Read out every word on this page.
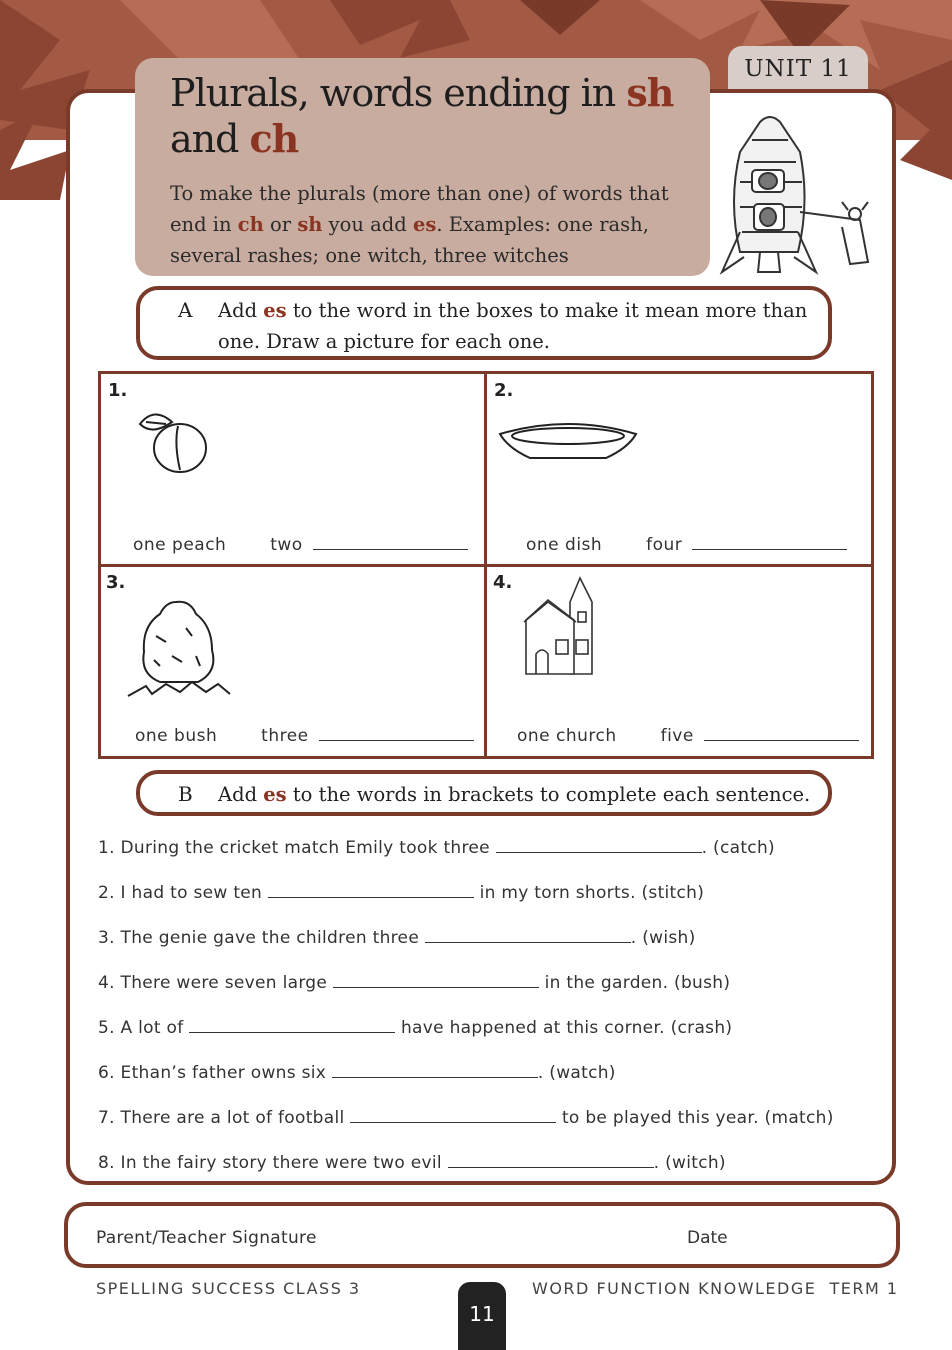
UNIT 11
Plurals, words ending in sh
and ch
To make the plurals (more than one) of words that end in ch or sh you add es. Examples: one rash, several rashes; one witch, three witches
A Add es to the word in the boxes to make it mean more than one. Draw a picture for each one.
1.
one peach	two
2.
one dish	four
3.
one bush	three
4.
one church	five
B Add es to the words in brackets to complete each sentence.
1. During the cricket match Emily took three	. (catch)
2. I had to sew ten	in my torn shorts. (stitch)
3. The genie gave the children three	. (wish)
4. There were seven large	in the garden. (bush)
5. A lot of	have happened at this corner. (crash)
6. Ethan’s father owns six	. (watch)
7. There are a lot of football	to be played this year. (match)
8. In the fairy story there were two evil	. (witch)
Parent/Teacher Signature	Date
SPELLING SUCCESS CLASS 3	WORD FUNCTION KNOWLEDGE  TERM 1
11
